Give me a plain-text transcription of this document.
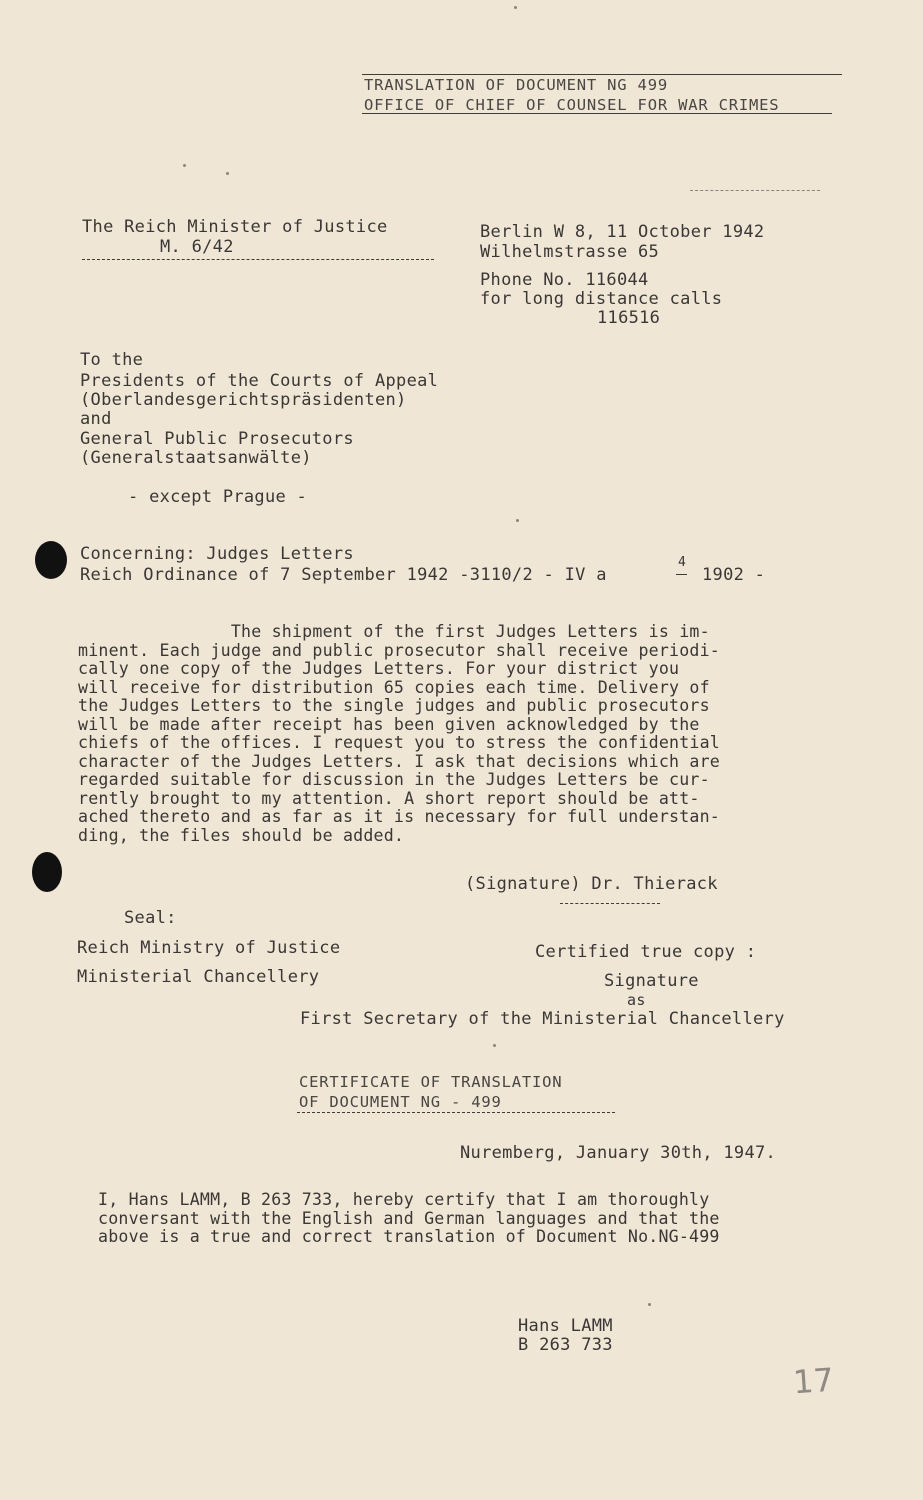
TRANSLATION OF DOCUMENT NG 499
OFFICE OF CHIEF OF COUNSEL FOR WAR CRIMES
The Reich Minister of Justice
M. 6/42
Berlin W 8, 11 October 1942
Wilhelmstrasse 65
Phone No. 116044
for long distance calls
116516
To the
Presidents of the Courts of Appeal
(Oberlandesgerichtspräsidenten)
and
General Public Prosecutors
(Generalstaatsanwälte)
- except Prague -
Concerning: Judges Letters
Reich Ordinance of 7 September 1942 -3110/2 - IV a
4
1902 -
The shipment of the first Judges Letters is im-
minent. Each judge and public prosecutor shall receive periodi-
cally one copy of the Judges Letters. For your district you
will receive for distribution 65 copies each time. Delivery of
the Judges Letters to the single judges and public prosecutors
will be made after receipt has been given acknowledged by the
chiefs of the offices. I request you to stress the confidential
character of the Judges Letters. I ask that decisions which are
regarded suitable for discussion in the Judges Letters be cur-
rently brought to my attention. A short report should be att-
ached thereto and as far as it is necessary for full understan-
ding, the files should be added.
(Signature) Dr. Thierack
Seal:
Reich Ministry of Justice
Ministerial Chancellery
Certified true copy :
Signature
as
First Secretary of the Ministerial Chancellery
CERTIFICATE OF TRANSLATION
OF DOCUMENT NG - 499
Nuremberg, January 30th, 1947.
I, Hans LAMM, B 263 733, hereby certify that I am thoroughly
conversant with the English and German languages and that the
above is a true and correct translation of Document No.NG-499
Hans LAMM
B 263 733
17
